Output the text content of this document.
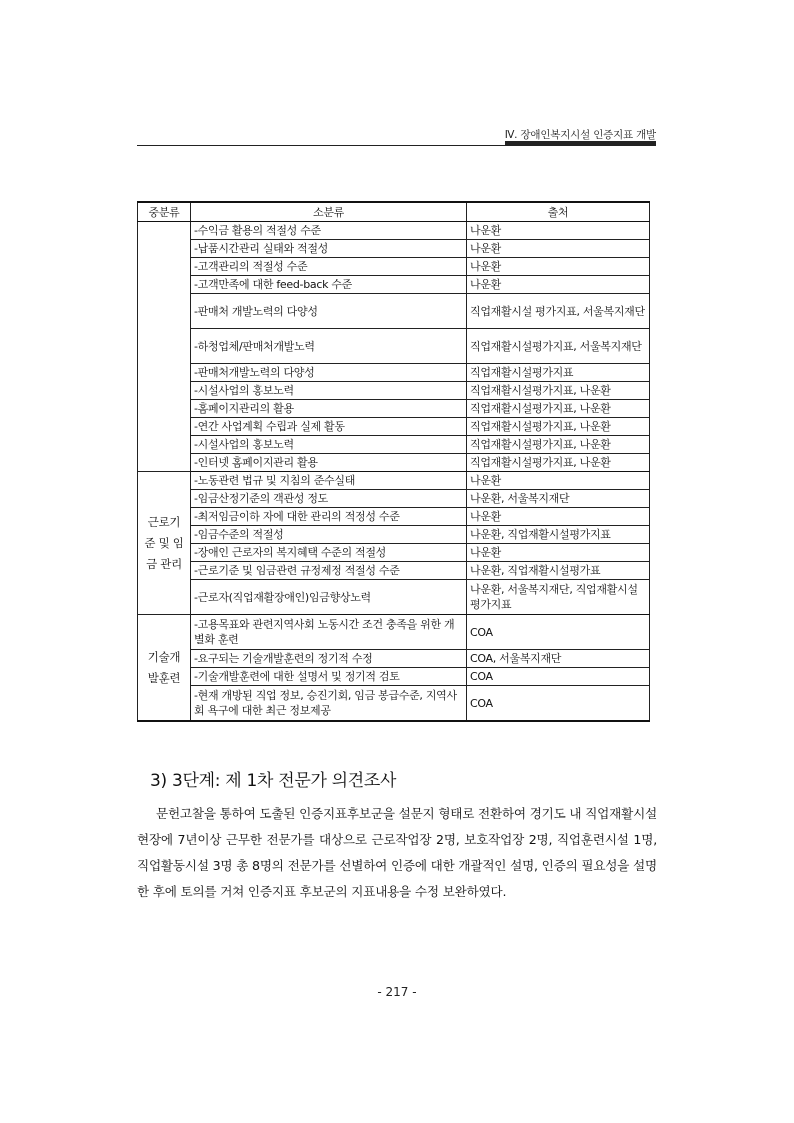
Ⅳ. 장애인복지시설 인증지표 개발
중분류	소분류	출처
	-수익금 활용의 적절성 수준	나운환
	-납품시간관리 실태와 적절성	나운환
	-고객관리의 적절성 수준	나운환
	-고객만족에 대한 feed-back 수준	나운환
	-판매처 개발노력의 다양성	직업재활시설 평가지표, 서울복지재단
	-하청업체/판매처개발노력	직업재활시설평가지표, 서울복지재단
	-판매처개발노력의 다양성	직업재활시설평가지표
	-시설사업의 홍보노력	직업재활시설평가지표, 나운환
	-홈페이지관리의 활용	직업재활시설평가지표, 나운환
	-연간 사업계획 수립과 실제 활동	직업재활시설평가지표, 나운환
	-시설사업의 홍보노력	직업재활시설평가지표, 나운환
	-인터넷 홈페이지관리 활용	직업재활시설평가지표, 나운환
근로기 준 및 임금 관리	-노동관련 법규 및 지침의 준수실태	나운환
	-임금산정기준의 객관성 정도	나운환, 서울복지재단
	-최저임금이하 자에 대한 관리의 적정성 수준	나운환
	-임금수준의 적절성	나운환, 직업재활시설평가지표
	-장애인 근로자의 복지혜택 수준의 적절성	나운환
	-근로기준 및 임금관련 규정제정 적절성 수준	나운환, 직업재활시설평가표
	-근로자(직업재활장애인)임금향상노력	나운환, 서울복지재단, 직업재활시설평가지표
기술개 발훈련	-고용목표와 관련지역사회 노동시간 조건 충족을 위한 개별화 훈련	COA
	-요구되는 기술개발훈련의 정기적 수정	COA, 서울복지재단
	-기술개발훈련에 대한 설명서 및 정기적 검토	COA
	-현재 개방된 직업 정보, 승진기회, 임금 봉급수준, 지역사회 욕구에 대한 최근 정보제공	COA
3) 3단계: 제 1차 전문가 의견조사
문헌고찰을 통하여 도출된 인증지표후보군을 설문지 형태로 전환하여 경기도 내 직업재활시설현장에 7년이상 근무한 전문가를 대상으로 근로작업장 2명, 보호작업장 2명, 직업훈련시설 1명, 직업활동시설 3명 총 8명의 전문가를 선별하여 인증에 대한 개괄적인 설명, 인증의 필요성을 설명한 후에 토의를 거쳐 인증지표 후보군의 지표내용을 수정 보완하였다.
- 217 -
